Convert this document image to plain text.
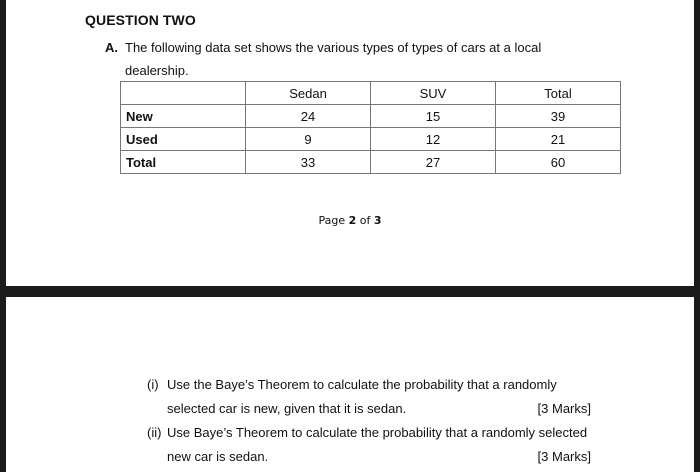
QUESTION TWO
A. The following data set shows the various types of types of cars at a local
dealership.
	Sedan	SUV	Total
New	24	15	39
Used	9	12	21
Total	33	27	60
Page 2 of 3
(i) Use the Baye’s Theorem to calculate the probability that a randomly
selected car is new, given that it is sedan.	[3 Marks]
(ii) Use Baye’s Theorem to calculate the probability that a randomly selected
new car is sedan.	[3 Marks]
